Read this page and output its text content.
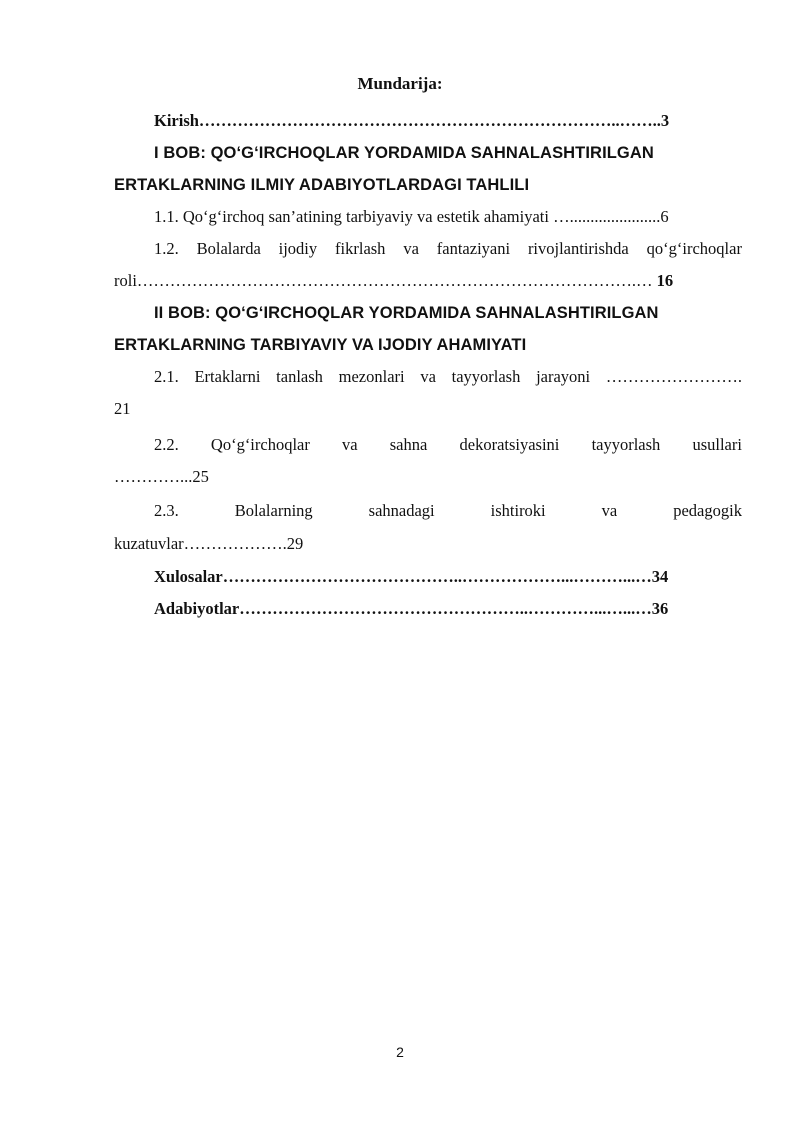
Mundarija:
Kirish…………………………………………………………………..……..3
I BOB: QO‘G‘IRCHOQLAR YORDAMIDA SAHNALASHTIRILGAN
ERTAKLARNING ILMIY ADABIYOTLARDAGI TAHLILI
1.1. Qo‘g‘irchoq san’atining tarbiyaviy va estetik ahamiyati …......................6
1.2. Bolalarda ijodiy fikrlash va fantaziyani rivojlantirishda qo‘g‘irchoqlar
roli……………………………………………………………………………….… 16
II BOB: QO‘G‘IRCHOQLAR YORDAMIDA SAHNALASHTIRILGAN
ERTAKLARNING TARBIYAVIY VA IJODIY AHAMIYATI
2.1. Ertaklarni tanlash mezonlari va tayyorlash jarayoni …………………….
21
2.2. Qo‘g‘irchoqlar va sahna dekoratsiyasini tayyorlash usullari
…………...25
2.3.	Bolalarning	sahnadagi	ishtiroki	va	pedagogik
kuzatuvlar……………….29
Xulosalar……………………………………..………………...………...…34
Adabiyotlar……………………………………………..…………...…...…36
2
